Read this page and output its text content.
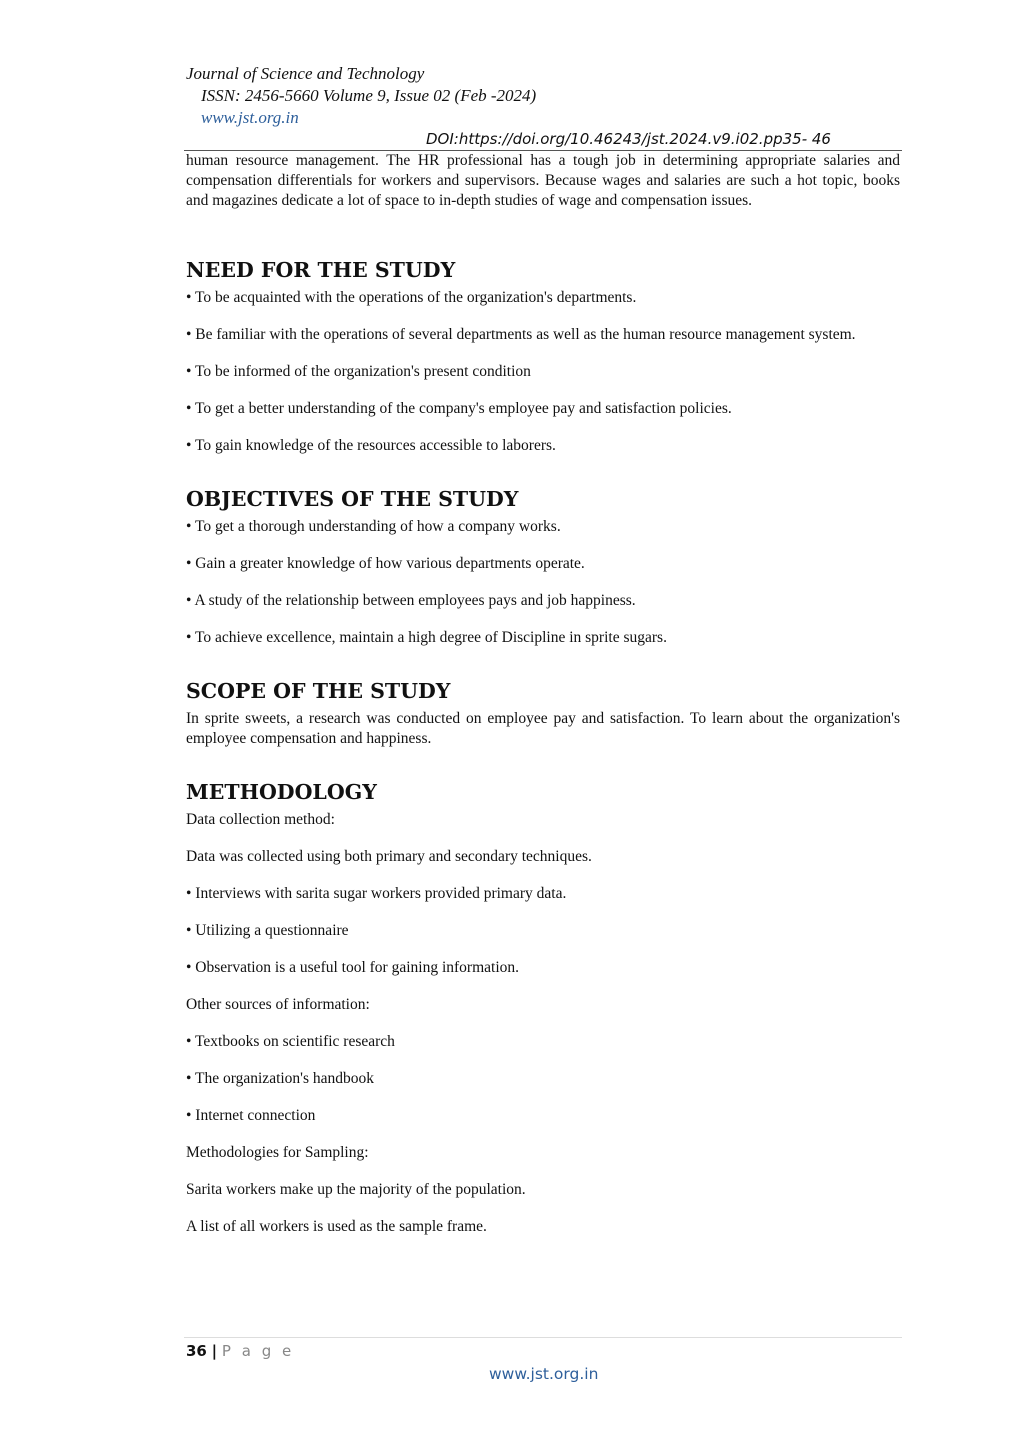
Journal of Science and Technology
ISSN: 2456-5660 Volume 9, Issue 02 (Feb -2024)
www.jst.org.in
DOI:https://doi.org/10.46243/jst.2024.v9.i02.pp35- 46

human resource management. The HR professional has a tough job in determining appropriate salaries and compensation differentials for workers and supervisors. Because wages and salaries are such a hot topic, books and magazines dedicate a lot of space to in-depth studies of wage and compensation issues.

NEED FOR THE STUDY

• To be acquainted with the operations of the organization's departments.

• Be familiar with the operations of several departments as well as the human resource management system.

• To be informed of the organization's present condition

• To get a better understanding of the company's employee pay and satisfaction policies.

• To gain knowledge of the resources accessible to laborers.

OBJECTIVES OF THE STUDY

• To get a thorough understanding of how a company works.

• Gain a greater knowledge of how various departments operate.

• A study of the relationship between employees pays and job happiness.

• To achieve excellence, maintain a high degree of Discipline in sprite sugars.

SCOPE OF THE STUDY

In sprite sweets, a research was conducted on employee pay and satisfaction. To learn about the organization's employee compensation and happiness.

METHODOLOGY

Data collection method:

Data was collected using both primary and secondary techniques.

• Interviews with sarita sugar workers provided primary data.

• Utilizing a questionnaire

• Observation is a useful tool for gaining information.

Other sources of information:

• Textbooks on scientific research

• The organization's handbook

• Internet connection

Methodologies for Sampling:

Sarita workers make up the majority of the population.

A list of all workers is used as the sample frame.

36 | P a g e
www.jst.org.in
